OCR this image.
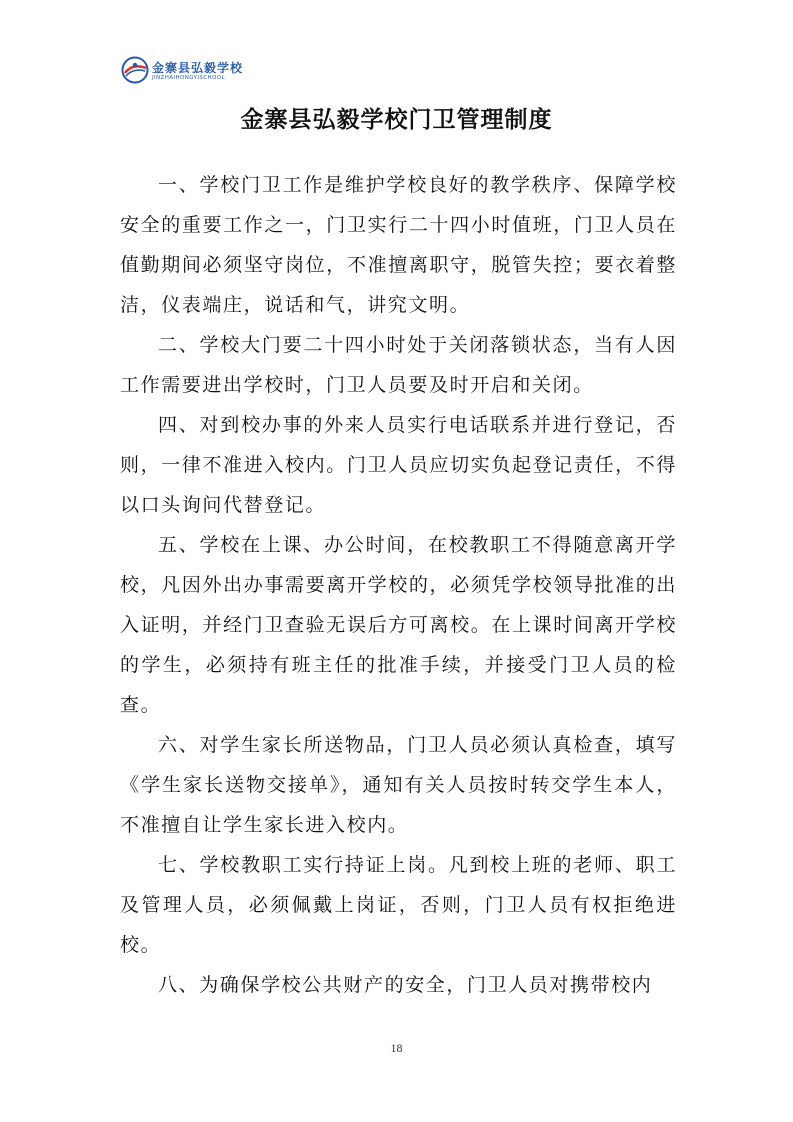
金寨县弘毅学校
JINZHAIHONGYISCHOOL
金寨县弘毅学校门卫管理制度

一、学校门卫工作是维护学校良好的教学秩序、保障学校安全的重要工作之一，门卫实行二十四小时值班，门卫人员在值勤期间必须坚守岗位，不准擅离职守，脱管失控；要衣着整洁，仪表端庄，说话和气，讲究文明。

二、学校大门要二十四小时处于关闭落锁状态，当有人因工作需要进出学校时，门卫人员要及时开启和关闭。

四、对到校办事的外来人员实行电话联系并进行登记，否则，一律不准进入校内。门卫人员应切实负起登记责任，不得以口头询问代替登记。

五、学校在上课、办公时间，在校教职工不得随意离开学校，凡因外出办事需要离开学校的，必须凭学校领导批准的出入证明，并经门卫查验无误后方可离校。在上课时间离开学校的学生，必须持有班主任的批准手续，并接受门卫人员的检查。

六、对学生家长所送物品，门卫人员必须认真检查，填写《学生家长送物交接单》，通知有关人员按时转交学生本人，不准擅自让学生家长进入校内。

七、学校教职工实行持证上岗。凡到校上班的老师、职工及管理人员，必须佩戴上岗证，否则，门卫人员有权拒绝进校。

八、为确保学校公共财产的安全，门卫人员对携带校内

18
